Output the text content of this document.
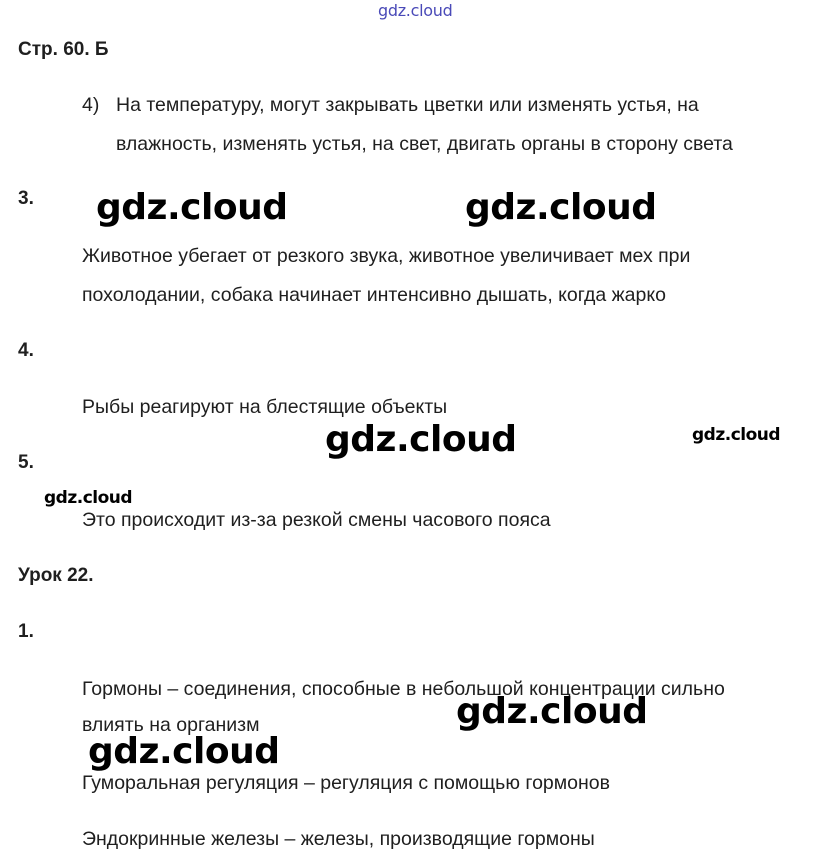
gdz.cloud
Стр. 60. Б
4) На температуру, могут закрывать цветки или изменять устья, на
влажность, изменять устья, на свет, двигать органы в сторону света
3. gdz.cloud	gdz.cloud
Животное убегает от резкого звука, животное увеличивает мех при
похолодании, собака начинает интенсивно дышать, когда жарко
4.
Рыбы реагируют на блестящие объекты
gdz.cloud	gdz.cloud
5.
gdz.cloud
Это происходит из-за резкой смены часового пояса
Урок 22.
1.
Гормоны – соединения, способные в небольшой концентрации сильно
влиять на организм	gdz.cloud
Гуморальная регуляция – регуляция с помощью гормонов
gdz.cloud
Эндокринные железы – железы, производящие гормоны
